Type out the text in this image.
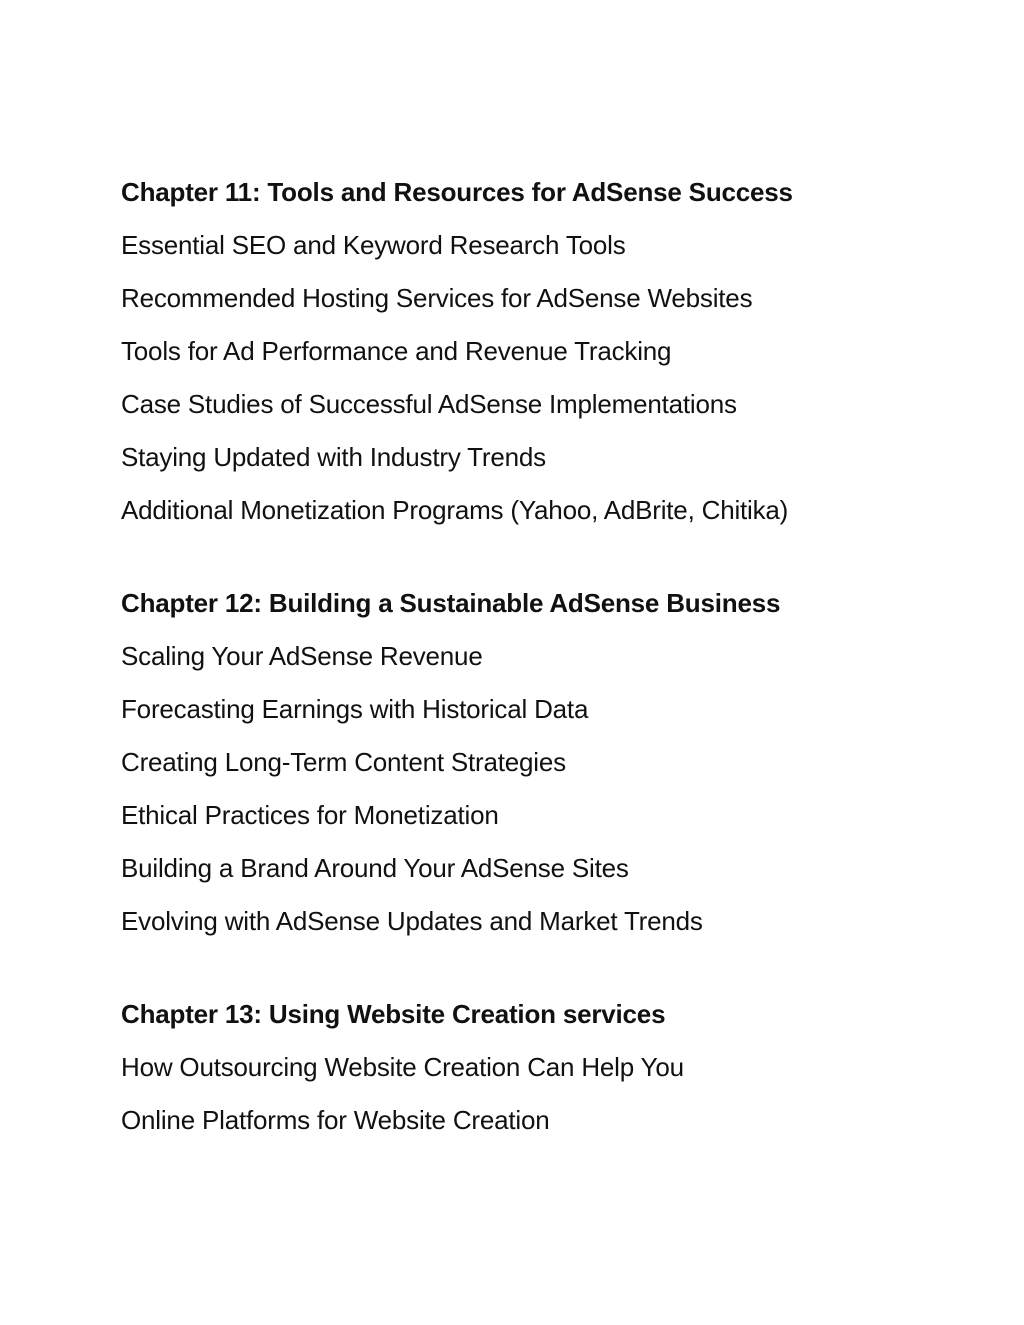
Chapter 11: Tools and Resources for AdSense Success
Essential SEO and Keyword Research Tools
Recommended Hosting Services for AdSense Websites
Tools for Ad Performance and Revenue Tracking
Case Studies of Successful AdSense Implementations
Staying Updated with Industry Trends
Additional Monetization Programs (Yahoo, AdBrite, Chitika)
Chapter 12: Building a Sustainable AdSense Business
Scaling Your AdSense Revenue
Forecasting Earnings with Historical Data
Creating Long-Term Content Strategies
Ethical Practices for Monetization
Building a Brand Around Your AdSense Sites
Evolving with AdSense Updates and Market Trends
Chapter 13: Using Website Creation services
How Outsourcing Website Creation Can Help You
Online Platforms for Website Creation
